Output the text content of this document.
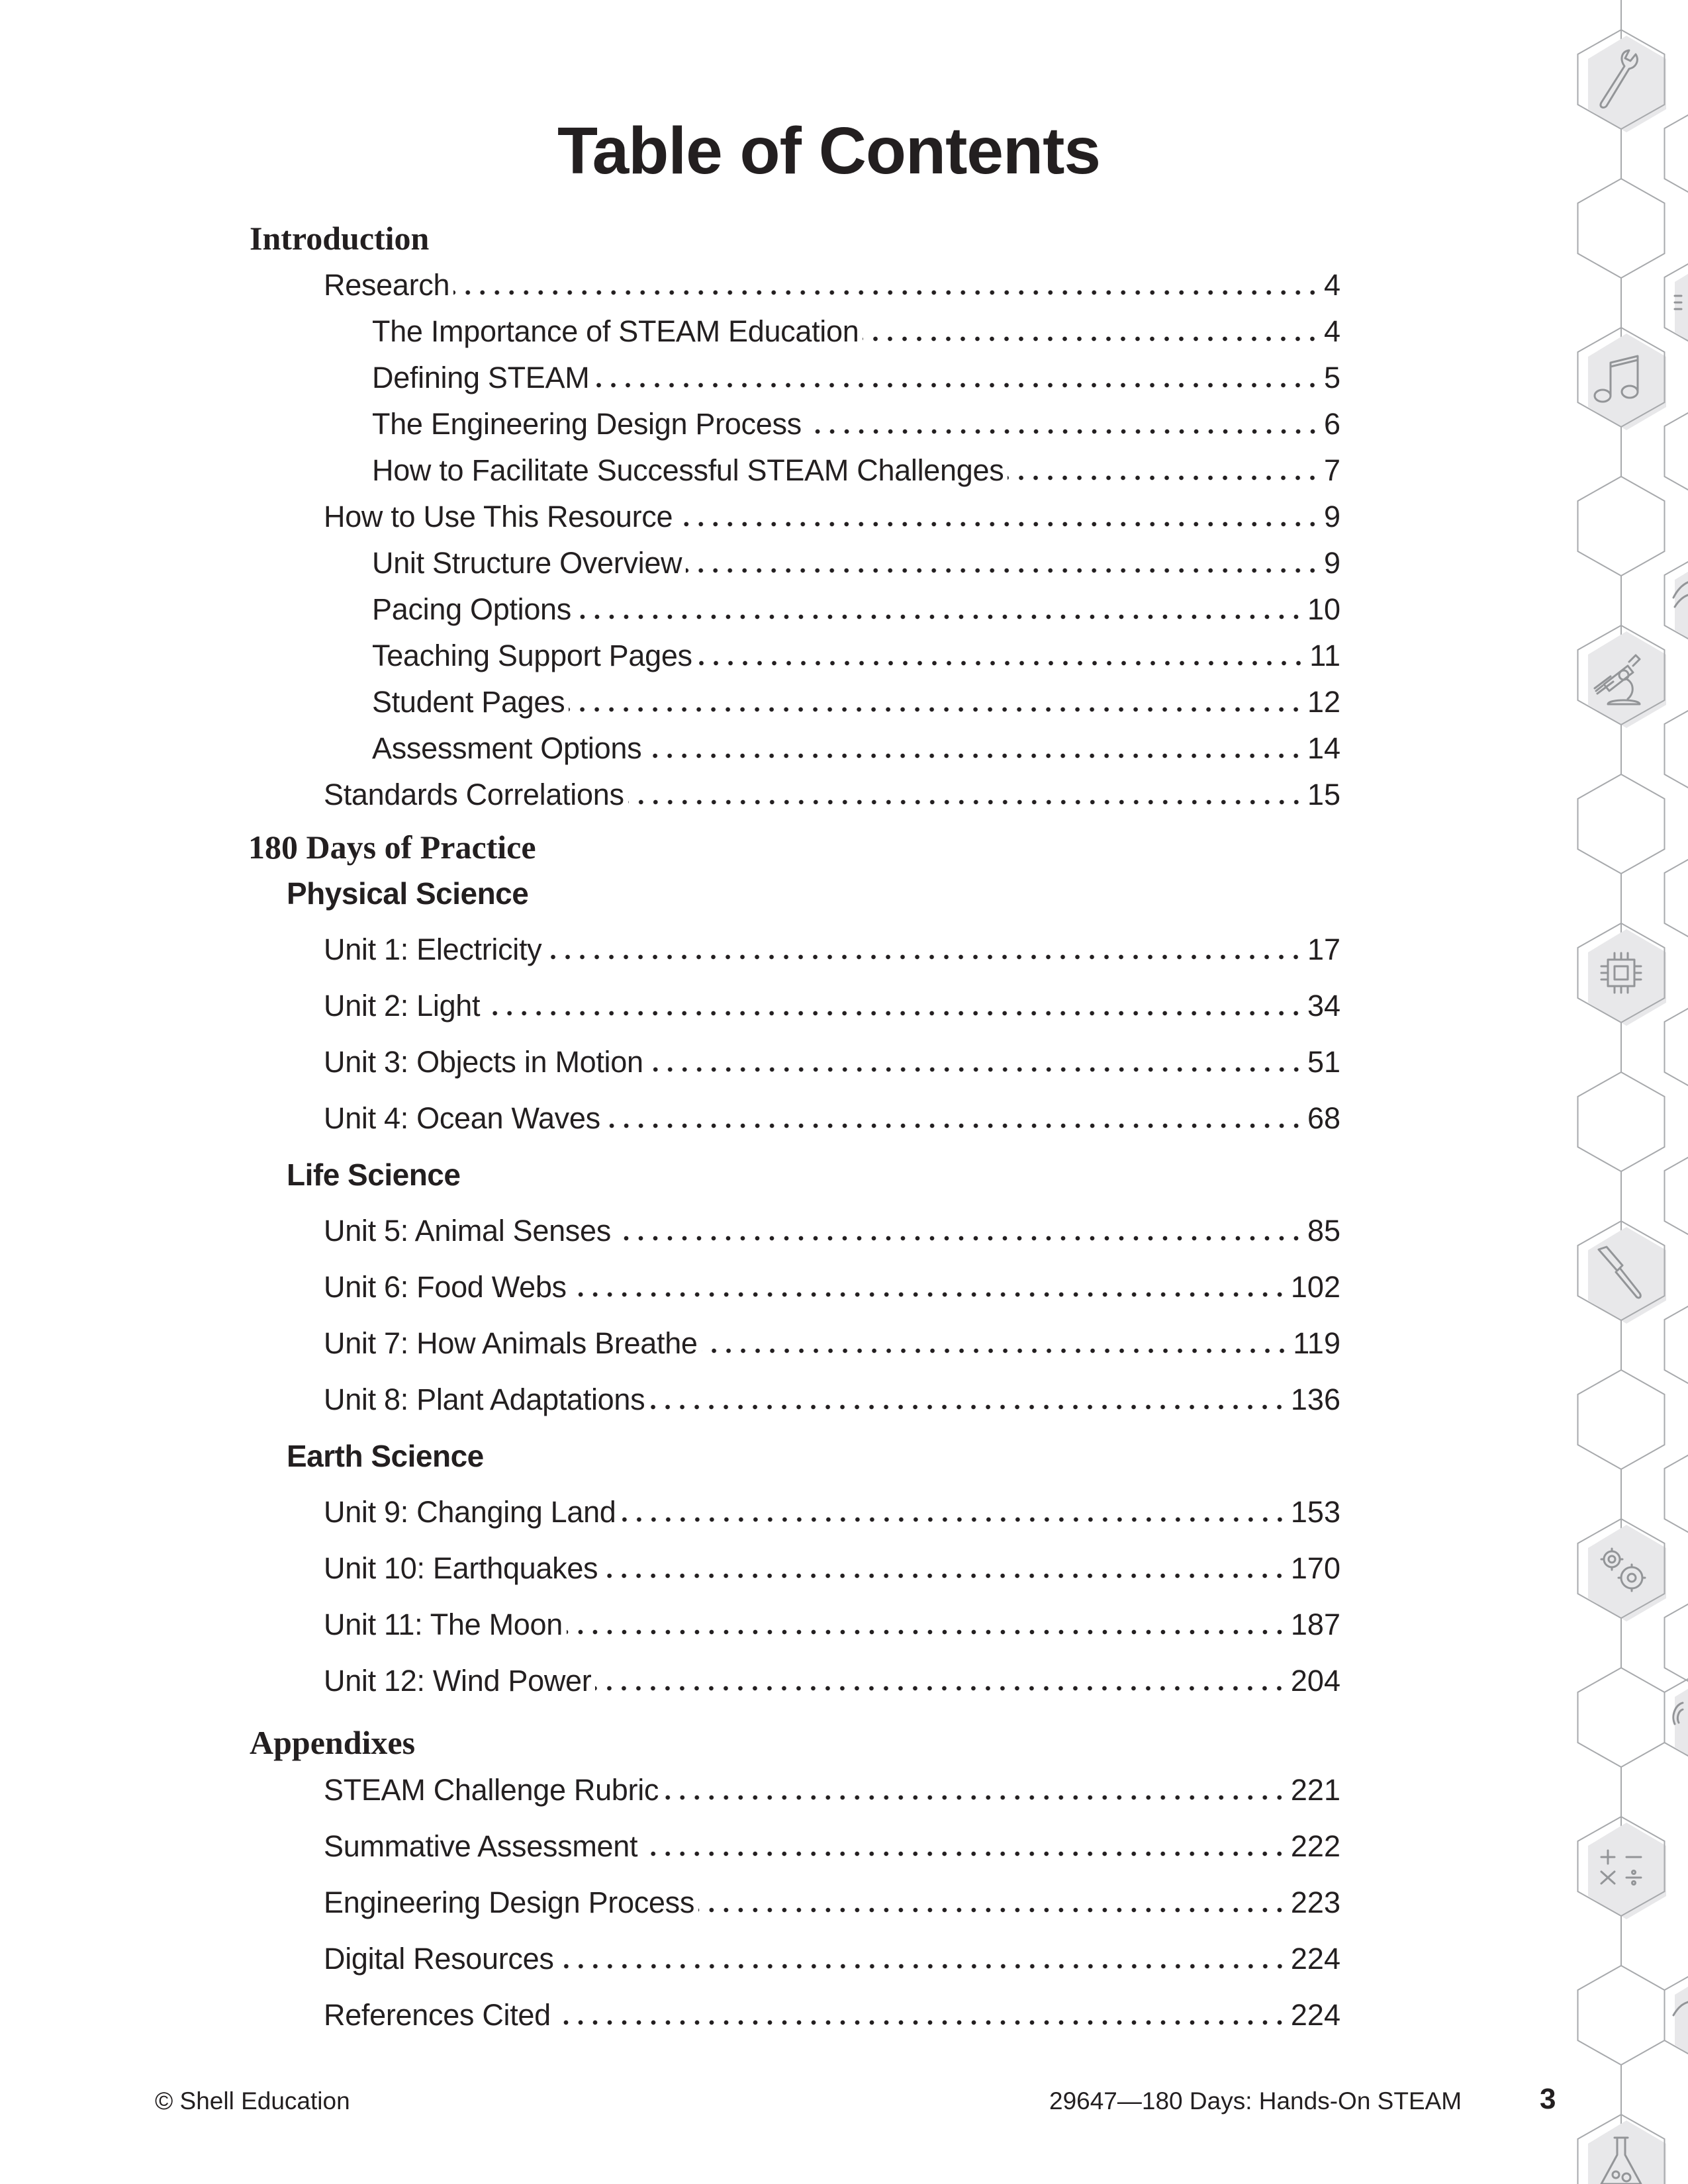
Table of Contents
Introduction
Research	4
The Importance of STEAM Education	4
Defining STEAM	5
The Engineering Design Process	6
How to Facilitate Successful STEAM Challenges	7
How to Use This Resource	9
Unit Structure Overview	9
Pacing Options	10
Teaching Support Pages	11
Student Pages	12
Assessment Options	14
Standards Correlations	15
180 Days of Practice
Physical Science
Unit 1: Electricity	17
Unit 2: Light	34
Unit 3: Objects in Motion	51
Unit 4: Ocean Waves	68
Life Science
Unit 5: Animal Senses	85
Unit 6: Food Webs	102
Unit 7: How Animals Breathe	119
Unit 8: Plant Adaptations	136
Earth Science
Unit 9: Changing Land	153
Unit 10: Earthquakes	170
Unit 11: The Moon	187
Unit 12: Wind Power	204
Appendixes
STEAM Challenge Rubric	221
Summative Assessment	222
Engineering Design Process	223
Digital Resources	224
References Cited	224
© Shell Education	29647—180 Days: Hands-On STEAM	3
